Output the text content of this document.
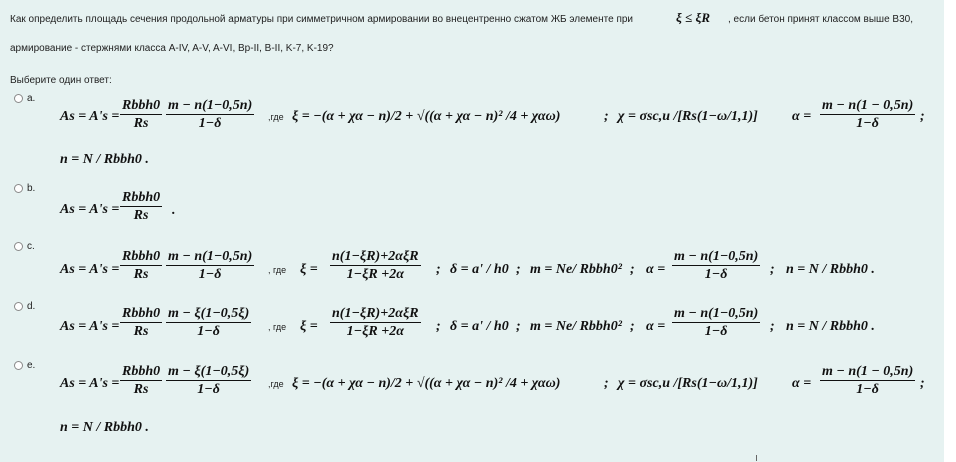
Как определить площадь сечения продольной арматуры при симметричном армировании во внецентренно сжатом ЖБ элементе при	ξ ≤ ξR , если бетон принят классом выше В30,
армирование - стержнями класса A-IV, A-V, A-VI, Bp-II, B-II, K-7, K-19?
Выберите один ответ:
a.
As = A's =
Rbbh0
Rs	$\frac{m - n(1-0,5n)}{1-\delta} ,где$ ξ = −(α + χα − n)/2 + √((α + χα − n)² /4 + χαω)	; χ = σsc,u /[Rs(1−ω/1,1)] $\alpha = \frac{m - n(1 - 0,5n)}{1-\delta}$ ;
n = N / Rbbh0 .
b.
As = A's =
Rbbh0
Rs	.
c.
As = A's =
Rbbh0
Rs	$\frac{m - n(1-0,5n)}{1-\delta}$ , где ξ =
n(1−ξR)+2αξR
1−ξR +2α	; δ = a' / h0 ; m = Ne/ Rbbh0² ; $\alpha = \frac{m - n(1-0,5n)}{1-\delta}$ ; n = N / Rbbh0 .
d.
As = A's =
Rbbh0
Rs	$\frac{m - \xi(1-0,5\xi)}{1-\delta}$ , где ξ =
n(1−ξR)+2αξR
1−ξR +2α	; δ = a' / h0 ; m = Ne/ Rbbh0² ; $\alpha = \frac{m - n(1-0,5n)}{1-\delta}$ ; n = N / Rbbh0 .
e.
As = A's =
Rbbh0
Rs	$\frac{m - \xi(1-0,5\xi)}{1-\delta} ,где$ ξ = −(α + χα − n)/2 + √((α + χα − n)² /4 + χαω)	; χ = σsc,u /[Rs(1−ω/1,1)] $\alpha = \frac{m - n(1 - 0,5n)}{1-\delta}$ ;
n = N / Rbbh0 .
